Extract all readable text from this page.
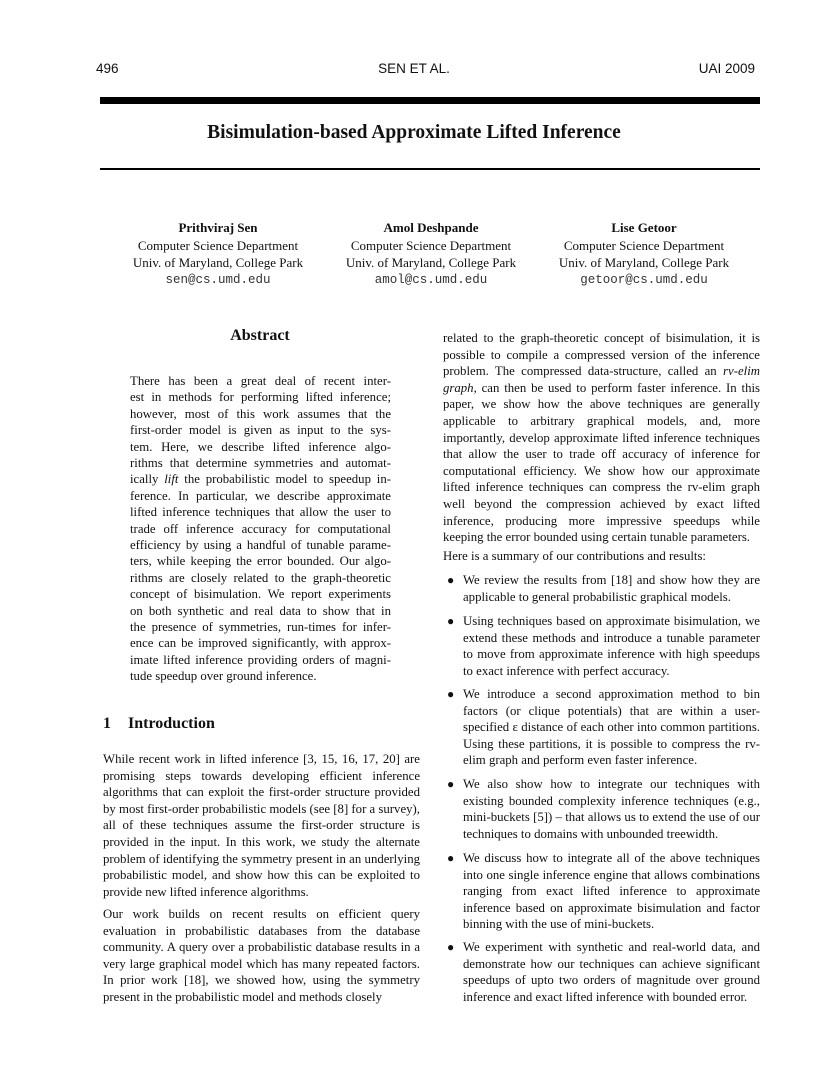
496	SEN ET AL.	UAI 2009
Bisimulation-based Approximate Lifted Inference
Prithviraj Sen
Computer Science Department
Univ. of Maryland, College Park
sen@cs.umd.edu
Amol Deshpande
Computer Science Department
Univ. of Maryland, College Park
amol@cs.umd.edu
Lise Getoor
Computer Science Department
Univ. of Maryland, College Park
getoor@cs.umd.edu
Abstract
There has been a great deal of recent inter-
est in methods for performing lifted inference;
however, most of this work assumes that the
first-order model is given as input to the sys-
tem. Here, we describe lifted inference algo-
rithms that determine symmetries and automat-
ically lift the probabilistic model to speedup in-
ference. In particular, we describe approximate
lifted inference techniques that allow the user to
trade off inference accuracy for computational
efficiency by using a handful of tunable parame-
ters, while keeping the error bounded. Our algo-
rithms are closely related to the graph-theoretic
concept of bisimulation. We report experiments
on both synthetic and real data to show that in
the presence of symmetries, run-times for infer-
ence can be improved significantly, with approx-
imate lifted inference providing orders of magni-
tude speedup over ground inference.
1 Introduction

While recent work in lifted inference [3, 15, 16, 17, 20] are promising steps towards developing efficient inference algorithms that can exploit the first-order structure provided by most first-order probabilistic models (see [8] for a survey), all of these techniques assume the first-order structure is provided in the input. In this work, we study the alternate problem of identifying the symmetry present in an underlying probabilistic model, and show how this can be exploited to provide new lifted inference algorithms.

Our work builds on recent results on efficient query evaluation in probabilistic databases from the database community. A query over a probabilistic database results in a very large graphical model which has many repeated factors. In prior work [18], we showed how, using the symmetry present in the probabilistic model and methods closely

related to the graph-theoretic concept of bisimulation, it is possible to compile a compressed version of the inference problem. The compressed data-structure, called an rv-elim graph, can then be used to perform faster inference. In this paper, we show how the above techniques are generally applicable to arbitrary graphical models, and, more importantly, develop approximate lifted inference techniques that allow the user to trade off accuracy of inference for computational efficiency. We show how our approximate lifted inference techniques can compress the rv-elim graph well beyond the compression achieved by exact lifted inference, producing more impressive speedups while keeping the error bounded using certain tunable parameters.

Here is a summary of our contributions and results:

● We review the results from [18] and show how they are applicable to general probabilistic graphical models.
● Using techniques based on approximate bisimulation, we extend these methods and introduce a tunable parameter to move from approximate inference with high speedups to exact inference with perfect accuracy.
● We introduce a second approximation method to bin factors (or clique potentials) that are within a user-specified ε distance of each other into common partitions. Using these partitions, it is possible to compress the rv-elim graph and perform even faster inference.
● We also show how to integrate our techniques with existing bounded complexity inference techniques (e.g., mini-buckets [5]) – that allows us to extend the use of our techniques to domains with unbounded treewidth.
● We discuss how to integrate all of the above techniques into one single inference engine that allows combinations ranging from exact lifted inference to approximate inference based on approximate bisimulation and factor binning with the use of mini-buckets.
● We experiment with synthetic and real-world data, and demonstrate how our techniques can achieve significant speedups of upto two orders of magnitude over ground inference and exact lifted inference with bounded error.
